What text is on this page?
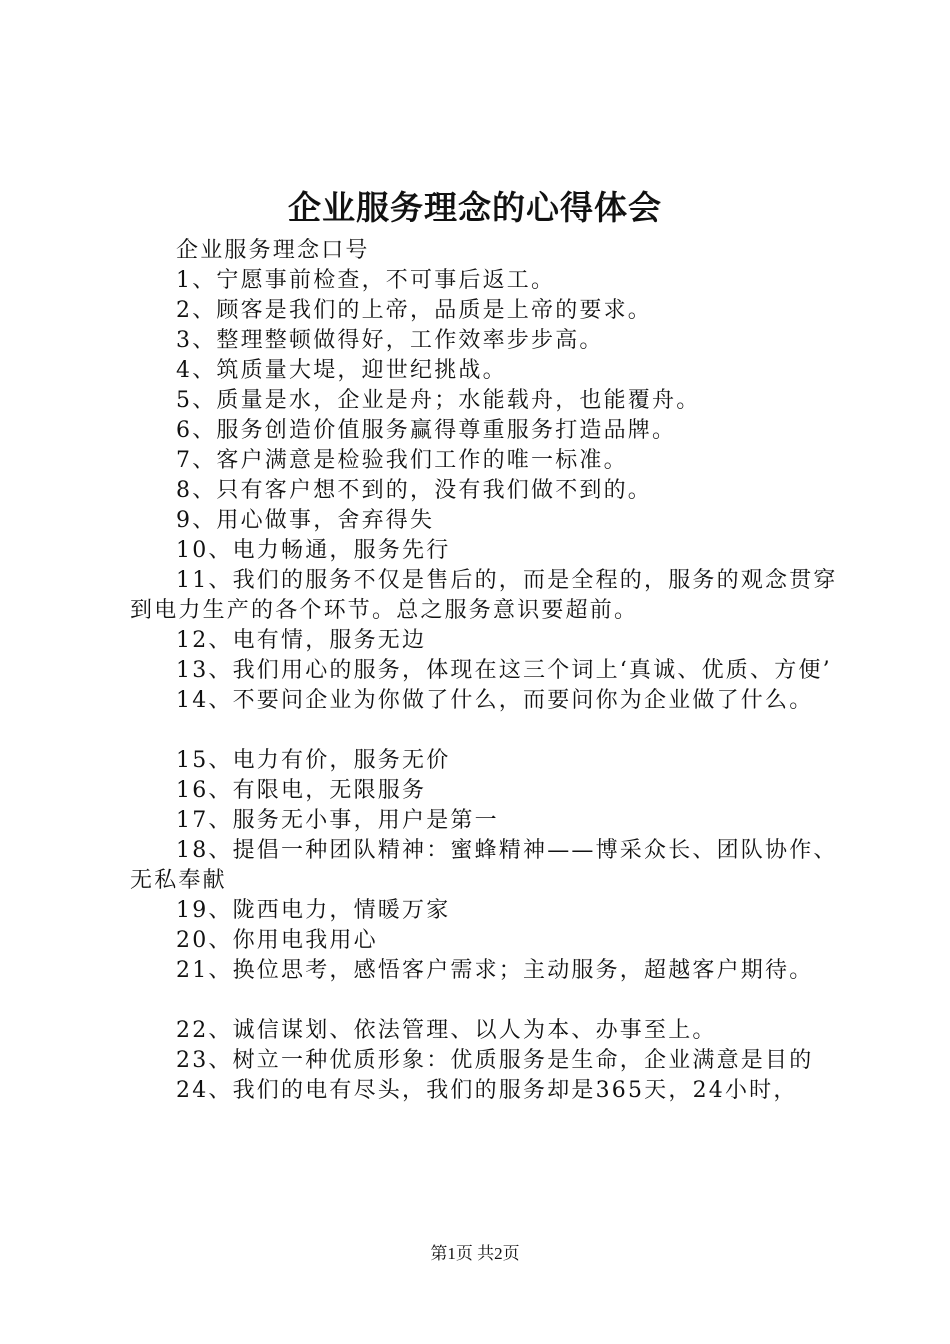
企业服务理念的心得体会

企业服务理念口号

1、宁愿事前检查，不可事后返工。

2、顾客是我们的上帝，品质是上帝的要求。

3、整理整顿做得好，工作效率步步高。

4、筑质量大堤，迎世纪挑战。

5、质量是水，企业是舟；水能载舟，也能覆舟。

6、服务创造价值服务赢得尊重服务打造品牌。

7、客户满意是检验我们工作的唯一标准。

8、只有客户想不到的，没有我们做不到的。

9、用心做事，舍弃得失

10、电力畅通，服务先行

11、我们的服务不仅是售后的，而是全程的，服务的观念贯穿到电力生产的各个环节。总之服务意识要超前。

12、电有情，服务无边

13、我们用心的服务，体现在这三个词上‘真诚、优质、方便’

14、不要问企业为你做了什么，而要问你为企业做了什么。

15、电力有价，服务无价

16、有限电，无限服务

17、服务无小事，用户是第一

18、提倡一种团队精神：蜜蜂精神——博采众长、团队协作、无私奉献

19、陇西电力，情暖万家

20、你用电我用心

21、换位思考，感悟客户需求；主动服务，超越客户期待。

22、诚信谋划、依法管理、以人为本、办事至上。

23、树立一种优质形象：优质服务是生命，企业满意是目的

24、我们的电有尽头，我们的服务却是365天，24小时，

第1页 共2页
